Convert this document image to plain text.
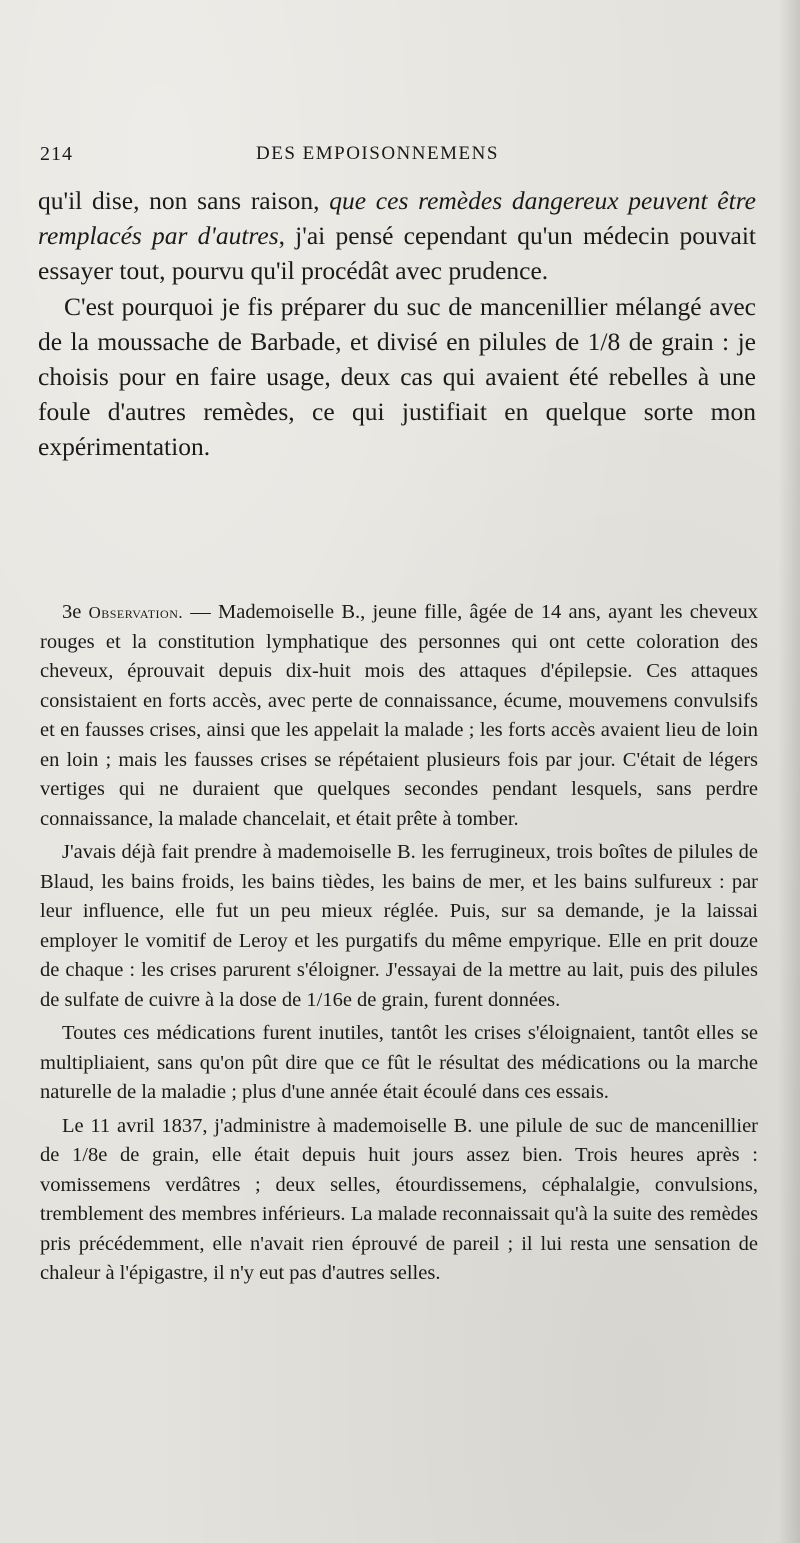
214	DES EMPOISONNEMENS

qu'il dise, non sans raison, que ces remèdes dangereux peuvent être remplacés par d'autres, j'ai pensé cependant qu'un médecin pouvait essayer tout, pourvu qu'il procédât avec prudence.

C'est pourquoi je fis préparer du suc de mancenillier mélangé avec de la moussache de Barbade, et divisé en pilules de 1/8 de grain : je choisis pour en faire usage, deux cas qui avaient été rebelles à une foule d'autres remèdes, ce qui justifiait en quelque sorte mon expérimentation.

3e Observation. — Mademoiselle B., jeune fille, âgée de 14 ans, ayant les cheveux rouges et la constitution lymphatique des personnes qui ont cette coloration des cheveux, éprouvait depuis dix-huit mois des attaques d'épilepsie. Ces attaques consistaient en forts accès, avec perte de connaissance, écume, mouvemens convulsifs et en fausses crises, ainsi que les appelait la malade ; les forts accès avaient lieu de loin en loin ; mais les fausses crises se répétaient plusieurs fois par jour. C'était de légers vertiges qui ne duraient que quelques secondes pendant lesquels, sans perdre connaissance, la malade chancelait, et était prête à tomber.

J'avais déjà fait prendre à mademoiselle B. les ferrugineux, trois boîtes de pilules de Blaud, les bains froids, les bains tièdes, les bains de mer, et les bains sulfureux : par leur influence, elle fut un peu mieux réglée. Puis, sur sa demande, je la laissai employer le vomitif de Leroy et les purgatifs du même empyrique. Elle en prit douze de chaque : les crises parurent s'éloigner. J'essayai de la mettre au lait, puis des pilules de sulfate de cuivre à la dose de 1/16e de grain, furent données.

Toutes ces médications furent inutiles, tantôt les crises s'éloignaient, tantôt elles se multipliaient, sans qu'on pût dire que ce fût le résultat des médications ou la marche naturelle de la maladie ; plus d'une année était écoulé dans ces essais.

Le 11 avril 1837, j'administre à mademoiselle B. une pilule de suc de mancenillier de 1/8e de grain, elle était depuis huit jours assez bien. Trois heures après : vomissemens verdâtres ; deux selles, étourdissemens, céphalalgie, convulsions, tremblement des membres inférieurs. La malade reconnaissait qu'à la suite des remèdes pris précédemment, elle n'avait rien éprouvé de pareil ; il lui resta une sensation de chaleur à l'épigastre, il n'y eut pas d'autres selles.
